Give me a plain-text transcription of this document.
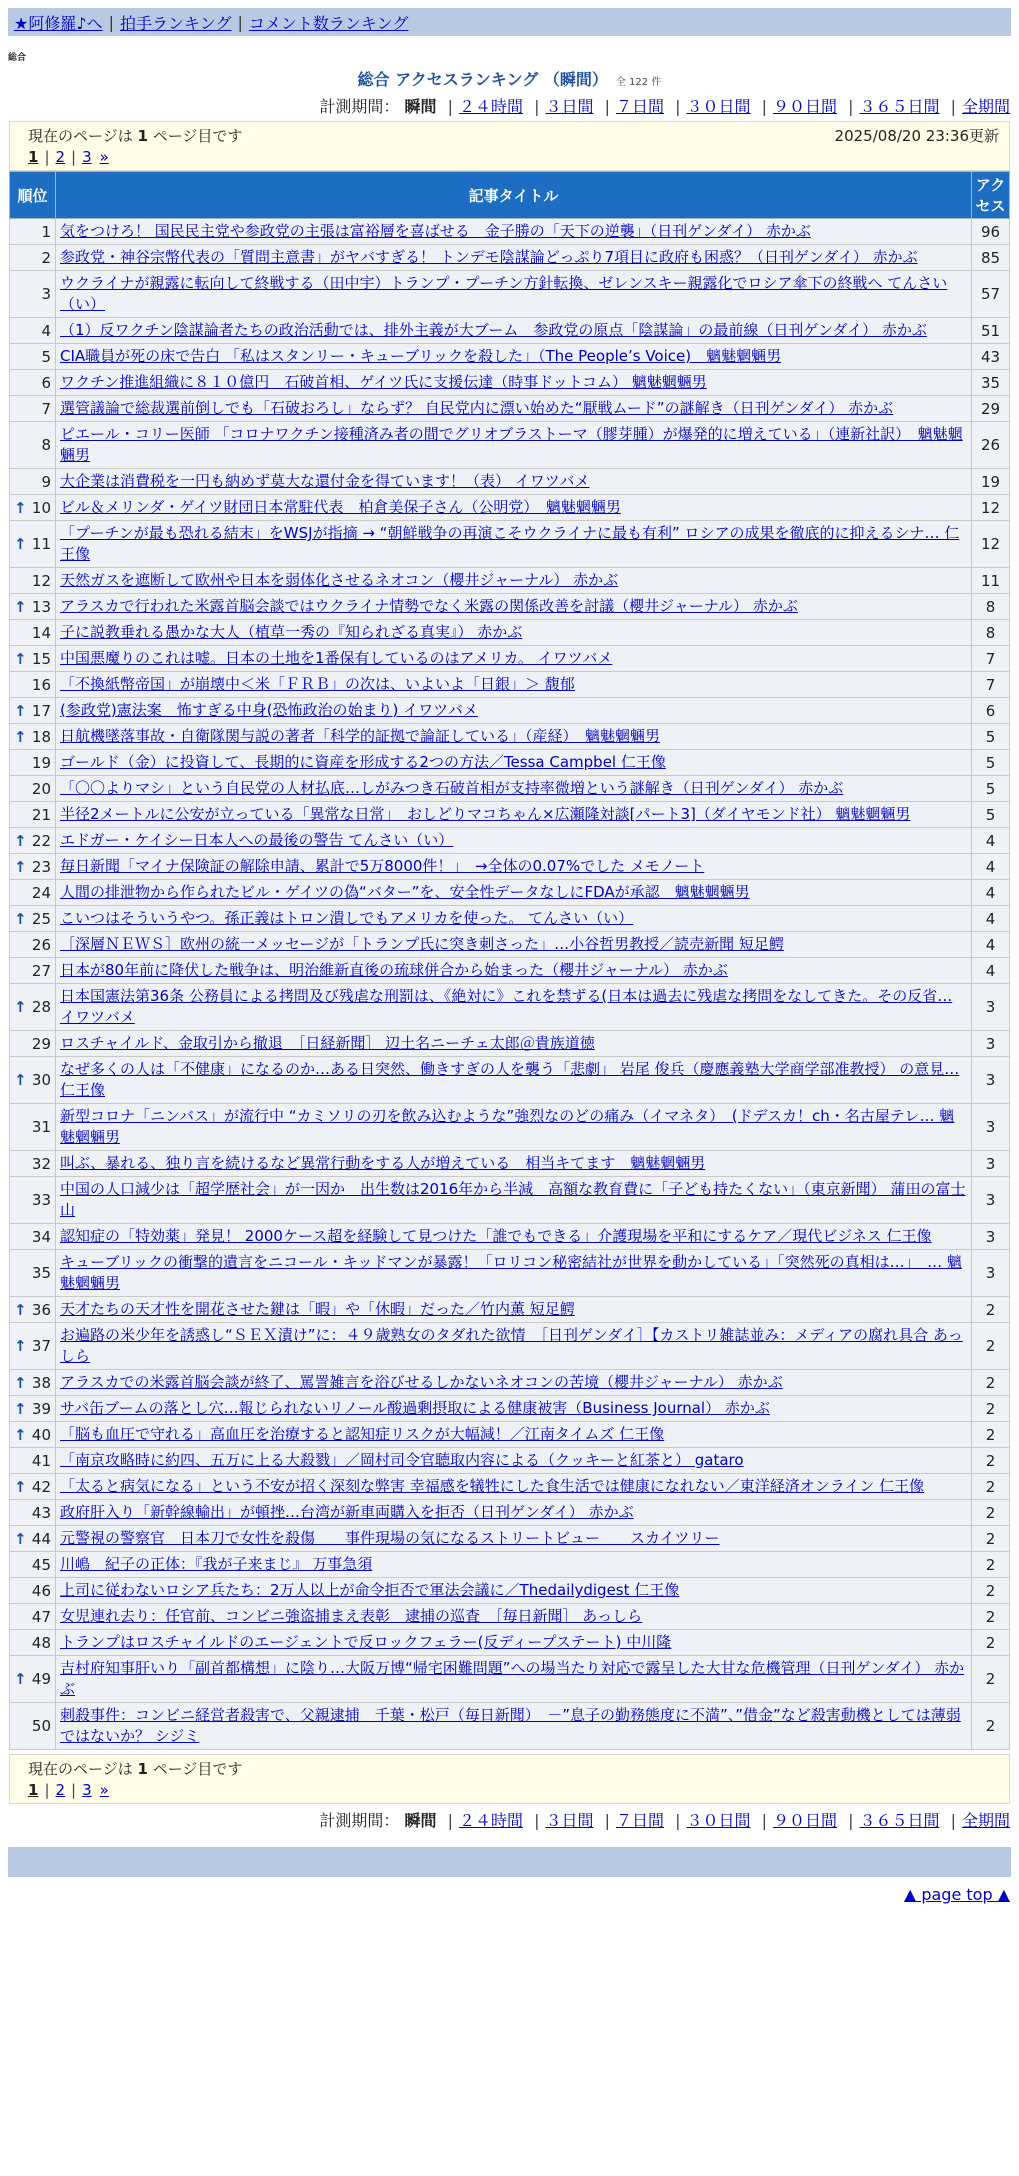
★阿修羅♪へ | 拍手ランキング | コメント数ランキング
総合
総合 アクセスランキング （瞬間） 全 122 件
計測期間： 瞬間 | ２４時間 | ３日間 | ７日間 | ３０日間 | ９０日間 | ３６５日間 | 全期間
現在のページは 1 ページ目です	2025/08/20 23:36更新
1 | 2 | 3 »
順位	記事タイトル	アクセス
1	気をつけろ！ 国民民主党や参政党の主張は富裕層を喜ばせる　金子勝の「天下の逆襲」（日刊ゲンダイ） 赤かぶ	96
2	参政党・神谷宗幣代表の「質問主意書」がヤバすぎる！ トンデモ陰謀論どっぷり7項目に政府も困惑？（日刊ゲンダイ） 赤かぶ	85
3	ウクライナが親露に転向して終戦する（田中宇）トランプ・プーチン方針転換、ゼレンスキー親露化でロシア傘下の終戦へ てんさい（い）	57
4	（1）反ワクチン陰謀論者たちの政治活動では、排外主義が大ブーム　参政党の原点「陰謀論」の最前線（日刊ゲンダイ） 赤かぶ	51
5	CIA職員が死の床で告白 「私はスタンリー・キューブリックを殺した」（The People’s Voice)　魑魅魍魎男	43
6	ワクチン推進組織に８１０億円　石破首相、ゲイツ氏に支援伝達（時事ドットコム） 魑魅魍魎男	35
7	選管議論で総裁選前倒しでも「石破おろし」ならず？ 自民党内に漂い始めた“厭戦ムード”の謎解き（日刊ゲンダイ） 赤かぶ	29
8	ピエール・コリー医師 「コロナワクチン接種済み者の間でグリオブラストーマ（膠芽腫）が爆発的に増えている」（連新社訳）　魑魅魍魎男	26
9	大企業は消費税を一円も納めず莫大な還付金を得ています！（表） イワツバメ	19

↑ 10	ビル＆メリンダ・ゲイツ財団日本常駐代表　柏倉美保子さん（公明党）　魑魅魍魎男	12

↑ 11	「プーチンが最も恐れる結末」をWSJが指摘 → “朝鮮戦争の再演こそウクライナに最も有利” ロシアの成果を徹底的に抑えるシナ… 仁王像	12
12	天然ガスを遮断して欧州や日本を弱体化させるネオコン（櫻井ジャーナル） 赤かぶ	11

↑ 13	アラスカで行われた米露首脳会談ではウクライナ情勢でなく米露の関係改善を討議（櫻井ジャーナル） 赤かぶ	8
14	子に説教垂れる愚かな大人（植草一秀の『知られざる真実』） 赤かぶ	8

↑ 15	中国悪魔りのこれは嘘。日本の土地を1番保有しているのはアメリカ。 イワツバメ	7
16	「不換紙幣帝国」が崩壊中＜米「ＦＲＢ」の次は、いよいよ「日銀」＞ 馥郁	7

↑ 17	(参政党)憲法案　怖すぎる中身(恐怖政治の始まり) イワツバメ	6

↑ 18	日航機墜落事故・自衛隊関与説の著者「科学的証拠で論証している」（産経）　魑魅魍魎男	5
19	ゴールド（金）に投資して、長期的に資産を形成する2つの方法／Tessa Campbel 仁王像	5
20	「〇〇よりマシ」という自民党の人材払底…しがみつき石破首相が支持率微増という謎解き（日刊ゲンダイ） 赤かぶ	5
21	半径2メートルに公安が立っている「異常な日常」　おしどりマコちゃん×広瀬隆対談[パート3]（ダイヤモンド社） 魑魅魍魎男	5

↑ 22	エドガー・ケイシー日本人への最後の警告 てんさい（い）	4

↑ 23	毎日新聞「マイナ保険証の解除申請、累計で5万8000件！」　→全体の0.07%でした メモノート	4
24	人間の排泄物から作られたビル・ゲイツの偽“バター”を、安全性データなしにFDAが承認　魑魅魍魎男	4

↑ 25	こいつはそういうやつ。孫正義はトロン潰しでもアメリカを使った。 てんさい（い）	4
26	［深層ＮＥＷＳ］欧州の統一メッセージが「トランプ氏に突き刺さった」…小谷哲男教授／読売新聞 短足鰐	4
27	日本が80年前に降伏した戦争は、明治維新直後の琉球併合から始まった（櫻井ジャーナル） 赤かぶ	4

↑ 28	日本国憲法第36条 公務員による拷問及び残虐な刑罰は、《絶対に》これを禁ずる(日本は過去に残虐な拷問をなしてきた。その反省… イワツバメ	3
29	ロスチャイルド、金取引から撤退　［日経新聞］ 辺土名ニーチェ太郎＠貴族道徳	3

↑ 30	なぜ多くの人は「不健康」になるのか…ある日突然、働きすぎの人を襲う「悲劇」 岩尾 俊兵（慶應義塾大学商学部准教授） の意見… 仁王像	3
31	新型コロナ「ニンバス」が流行中 “カミソリの刃を飲み込むような”強烈なのどの痛み（イマネタ）　(ドデスカ！ch・名古屋テレ… 魑魅魍魎男	3
32	叫ぶ、暴れる、独り言を続けるなど異常行動をする人が増えている　相当キてます　魑魅魍魎男	3
33	中国の人口減少は「超学歴社会」が一因か　出生数は2016年から半減　高額な教育費に「子ども持たくない」（東京新聞） 蒲田の富士山	3
34	認知症の「特効薬」発見！ 2000ケース超を経験して見つけた「誰でもできる」介護現場を平和にするケア／現代ビジネス 仁王像	3
35	キューブリックの衝撃的遺言をニコール・キッドマンが暴露！「ロリコン秘密結社が世界を動かしている」「突然死の真相は…」　… 魑魅魍魎男	3

↑ 36	天才たちの天才性を開花させた鍵は「暇」や「休暇」だった／竹内薫 短足鰐	2

↑ 37	お遍路の米少年を誘惑し“ＳＥＸ漬け”に：４９歳熟女のタダれた欲情　［日刊ゲンダイ］【カストリ雑誌並み：メディアの腐れ具合 あっしら	2

↑ 38	アラスカでの米露首脳会談が終了、罵詈雑言を浴びせるしかないネオコンの苦境（櫻井ジャーナル） 赤かぶ	2

↑ 39	サバ缶ブームの落とし穴…報じられないリノール酸過剰摂取による健康被害（Business Journal） 赤かぶ	2

↑ 40	「脳も血圧で守れる」高血圧を治療すると認知症リスクが大幅減！／江南タイムズ 仁王像	2
41	「南京攻略時に約四、五万に上る大殺戮」／岡村司令官聴取内容による（クッキーと紅茶と） gataro	2

↑ 42	「太ると病気になる」という不安が招く深刻な弊害 幸福感を犠牲にした食生活では健康になれない／東洋経済オンライン 仁王像	2
43	政府肝入り「新幹線輸出」が頓挫…台湾が新車両購入を拒否（日刊ゲンダイ） 赤かぶ	2

↑ 44	元警視の警察官　日本刀で女性を殺傷　　事件現場の気になるストリートビュー　　スカイツリー	2
45	川嶋　紀子の正体：『我が子来まじ』 万事急須	2
46	上司に従わないロシア兵たち：2万人以上が命令拒否で軍法会議に／Thedailydigest 仁王像	2
47	女児連れ去り：任官前、コンビニ強盗捕まえ表彰　逮捕の巡査　［毎日新聞］ あっしら	2
48	トランプはロスチャイルドのエージェントで反ロックフェラー(反ディープステート) 中川隆	2

↑ 49	吉村府知事肝いり「副首都構想」に陰り…大阪万博“帰宅困難問題”への場当たり対応で露呈した大甘な危機管理（日刊ゲンダイ） 赤かぶ	2
50	刺殺事件：コンビニ経営者殺害で、父親逮捕　千葉・松戸（毎日新聞）　－”息子の勤務態度に不満”、”借金”など殺害動機としては薄弱ではないか？ シジミ	2
現在のページは 1 ページ目です
1 | 2 | 3 »
計測期間： 瞬間 | ２４時間 | ３日間 | ７日間 | ３０日間 | ９０日間 | ３６５日間 | 全期間
▲ page top ▲
